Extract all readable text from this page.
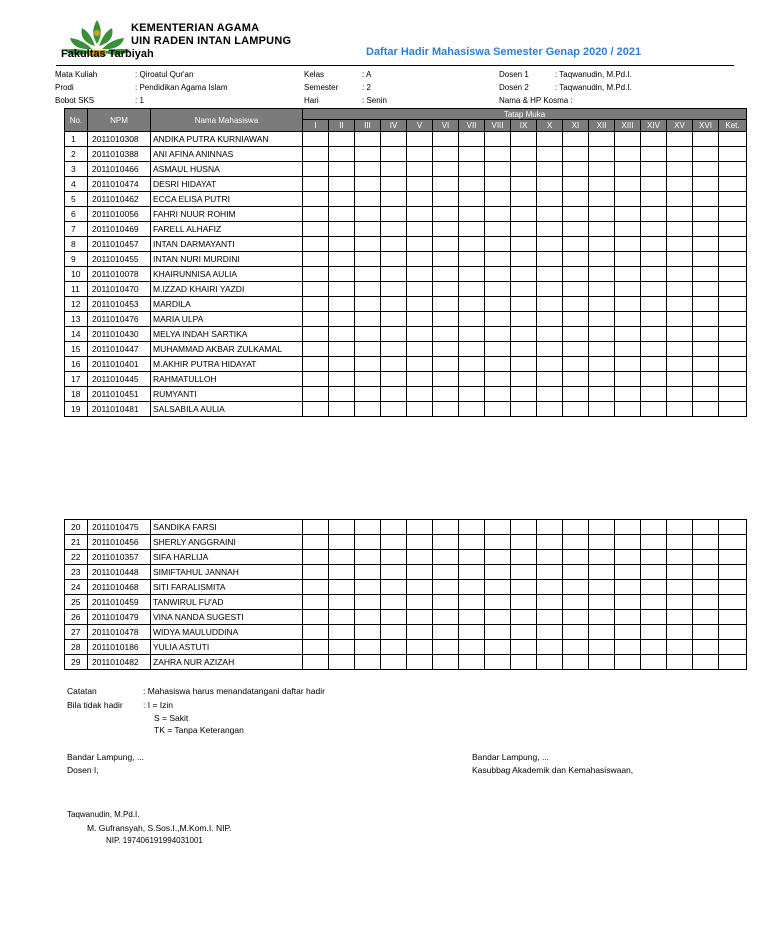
KEMENTERIAN AGAMA
UIN RADEN INTAN LAMPUNG
Fakultas Tarbiyah	Daftar Hadir Mahasiswa Semester Genap 2020 / 2021
Mata Kuliah	: Qiroatul Qur'an
Prodi	: Pendidikan Agama Islam
Bobot SKS	: 1
Kelas	: A
Semester	: 2
Hari	: Senin
Dosen 1	: Taqwanudin, M.Pd.I.
Dosen 2	: Taqwanudin, M.Pd.I.
Nama & HP Kosma :
No.	NPM	Nama Mahasiswa	Tatap Muka																
			I	II	III	IV	V	VI	VII	VIII	IX	X	XI	XII	XIII	XIV	XV	XVI	Ket.
1	2011010308	ANDIKA PUTRA KURNIAWAN																	
2	2011010388	ANI AFINA ANINNAS																	
3	2011010466	ASMAUL HUSNA																	
4	2011010474	DESRI HIDAYAT																	
5	2011010462	ECCA ELISA PUTRI																	
6	2011010056	FAHRI NUUR ROHIM																	
7	2011010469	FARELL ALHAFIZ																	
8	2011010457	INTAN DARMAYANTI																	
9	2011010455	INTAN NURI MURDINI																	
10	2011010078	KHAIRUNNISA AULIA																	
11	2011010470	M.IZZAD KHAIRI YAZDI																	
12	2011010453	MARDILA																	
13	2011010476	MARIA ULPA																	
14	2011010430	MELYA INDAH SARTIKA																	
15	2011010447	MUHAMMAD AKBAR ZULKAMAL																	
16	2011010401	M.AKHIR PUTRA HIDAYAT																	
17	2011010445	RAHMATULLOH																	
18	2011010451	RUMYANTI																	
19	2011010481	SALSABILA AULIA																	
20	2011010475	SANDIKA FARSI																	
21	2011010456	SHERLY ANGGRAINI																	
22	2011010357	SIFA HARLIJA																	
23	2011010448	SIMIFTAHUL JANNAH																	
24	2011010468	SITI FARALISMITA																	
25	2011010459	TANWIRUL FU'AD																	
26	2011010479	VINA NANDA SUGESTI																	
27	2011010478	WIDYA MAULUDDINA																	
28	2011010186	YULIA ASTUTI																	
29	2011010482	ZAHRA NUR AZIZAH																	
Catatan	: Mahasiswa harus menandatangani daftar hadir
Bila tidak hadir : I = Izin
S = Sakit
TK = Tanpa Keterangan
Bandar Lampung, ...
Dosen I,
Bandar Lampung, ...
Kasubbag Akademik dan Kemahasiswaan,
Taqwanudin, M.Pd.I.
M. Gufransyah, S.Sos.I.,M.Kom.I. NIP.
NIP. 197406191994031001
